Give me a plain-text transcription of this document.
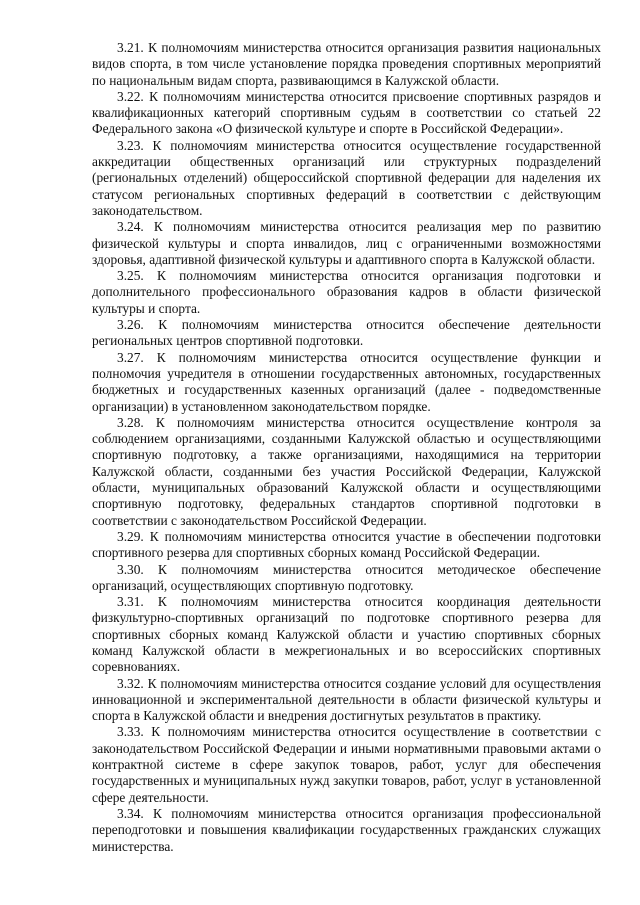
3.21. К полномочиям министерства относится организация развития национальных видов спорта, в том числе установление порядка проведения спортивных мероприятий по национальным видам спорта, развивающимся в Калужской области.

3.22. К полномочиям министерства относится присвоение спортивных разрядов и квалификационных категорий спортивным судьям в соответствии со статьей 22 Федерального закона «О физической культуре и спорте в Российской Федерации».

3.23. К полномочиям министерства относится осуществление государственной аккредитации общественных организаций или структурных подразделений (региональных отделений) общероссийской спортивной федерации для наделения их статусом региональных спортивных федераций в соответствии с действующим законодательством.

3.24. К полномочиям министерства относится реализация мер по развитию физической культуры и спорта инвалидов, лиц с ограниченными возможностями здоровья, адаптивной физической культуры и адаптивного спорта в Калужской области.

3.25. К полномочиям министерства относится организация подготовки и дополнительного профессионального образования кадров в области физической культуры и спорта.

3.26. К полномочиям министерства относится обеспечение деятельности региональных центров спортивной подготовки.

3.27. К полномочиям министерства относится осуществление функции и полномочия учредителя в отношении государственных автономных, государственных бюджетных и государственных казенных организаций (далее - подведомственные организации) в установленном законодательством порядке.

3.28. К полномочиям министерства относится осуществление контроля за соблюдением организациями, созданными Калужской областью и осуществляющими спортивную подготовку, а также организациями, находящимися на территории Калужской области, созданными без участия Российской Федерации, Калужской области, муниципальных образований Калужской области и осуществляющими спортивную подготовку, федеральных стандартов спортивной подготовки в соответствии с законодательством Российской Федерации.

3.29. К полномочиям министерства относится участие в обеспечении подготовки спортивного резерва для спортивных сборных команд Российской Федерации.

3.30. К полномочиям министерства относится методическое обеспечение организаций, осуществляющих спортивную подготовку.

3.31. К полномочиям министерства относится координация деятельности физкультурно-спортивных организаций по подготовке спортивного резерва для спортивных сборных команд Калужской области и участию спортивных сборных команд Калужской области в межрегиональных и во всероссийских спортивных соревнованиях.

3.32. К полномочиям министерства относится создание условий для осуществления инновационной и экспериментальной деятельности в области физической культуры и спорта в Калужской области и внедрения достигнутых результатов в практику.

3.33. К полномочиям министерства относится осуществление в соответствии с законодательством Российской Федерации и иными нормативными правовыми актами о контрактной системе в сфере закупок товаров, работ, услуг для обеспечения государственных и муниципальных нужд закупки товаров, работ, услуг в установленной сфере деятельности.

3.34. К полномочиям министерства относится организация профессиональной переподготовки и повышения квалификации государственных гражданских служащих министерства.
